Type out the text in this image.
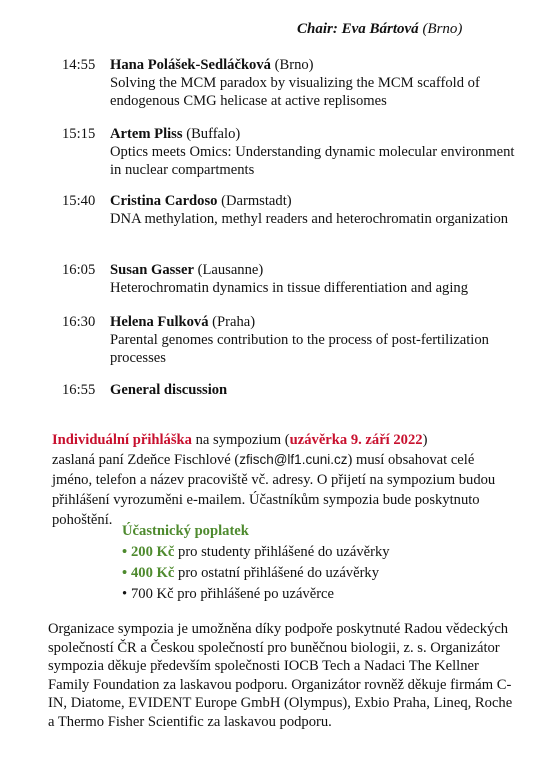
Chair: Eva Bártová (Brno)
14:55 Hana Polášek-Sedláčková (Brno)

Solving the MCM paradox by visualizing the MCM scaffold of endogenous CMG helicase at active replisomes

15:15 Artem Pliss (Buffalo)

Optics meets Omics: Understanding dynamic molecular environment in nuclear compartments

15:40 Cristina Cardoso (Darmstadt)

DNA methylation, methyl readers and heterochromatin organization

16:05 Susan Gasser (Lausanne)

Heterochromatin dynamics in tissue differentiation and aging

16:30 Helena Fulková (Praha)

Parental genomes contribution to the process of post-fertilization processes

16:55 General discussion
Individuální přihláška na sympozium (uzávěrka 9. září 2022)
zaslaná paní Zdeňce Fischlové (zfisch@lf1.cuni.cz) musí obsahovat celé jméno, telefon a název pracoviště vč. adresy. O přijetí na sympozium budou přihlášení vyrozuměni e-mailem. Účastníkům sympozia bude poskytnuto pohoštění.
Účastnický poplatek
• 200 Kč pro studenty přihlášené do uzávěrky
• 400 Kč pro ostatní přihlášené do uzávěrky
• 700 Kč pro přihlášené po uzávěrce
Organizace sympozia je umožněna díky podpoře poskytnuté Radou vědeckých společností ČR a Českou společností pro buněčnou biologii, z. s. Organizátor sympozia děkuje především společnosti IOCB Tech a Nadaci The Kellner Family Foundation za laskavou podporu. Organizátor rovněž děkuje firmám C-IN, Diatome, EVIDENT Europe GmbH (Olympus), Exbio Praha, Lineq, Roche a Thermo Fisher Scientific za laskavou podporu.
